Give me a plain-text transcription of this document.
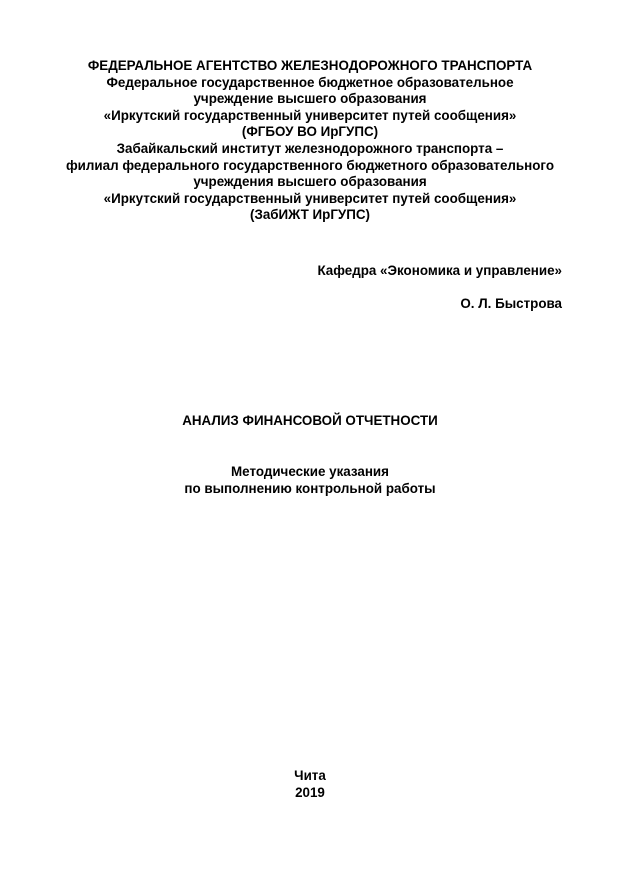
ФЕДЕРАЛЬНОЕ АГЕНТСТВО ЖЕЛЕЗНОДОРОЖНОГО ТРАНСПОРТА
Федеральное государственное бюджетное образовательное
учреждение высшего образования
«Иркутский государственный университет путей сообщения»
(ФГБОУ ВО ИрГУПС)
Забайкальский институт железнодорожного транспорта –
филиал федерального государственного бюджетного образовательного
учреждения высшего образования
«Иркутский государственный университет путей сообщения»
(ЗабИЖТ ИрГУПС)
Кафедра «Экономика и управление»
О. Л. Быстрова
АНАЛИЗ ФИНАНСОВОЙ ОТЧЕТНОСТИ
Методические указания
по выполнению контрольной работы
Чита
2019
